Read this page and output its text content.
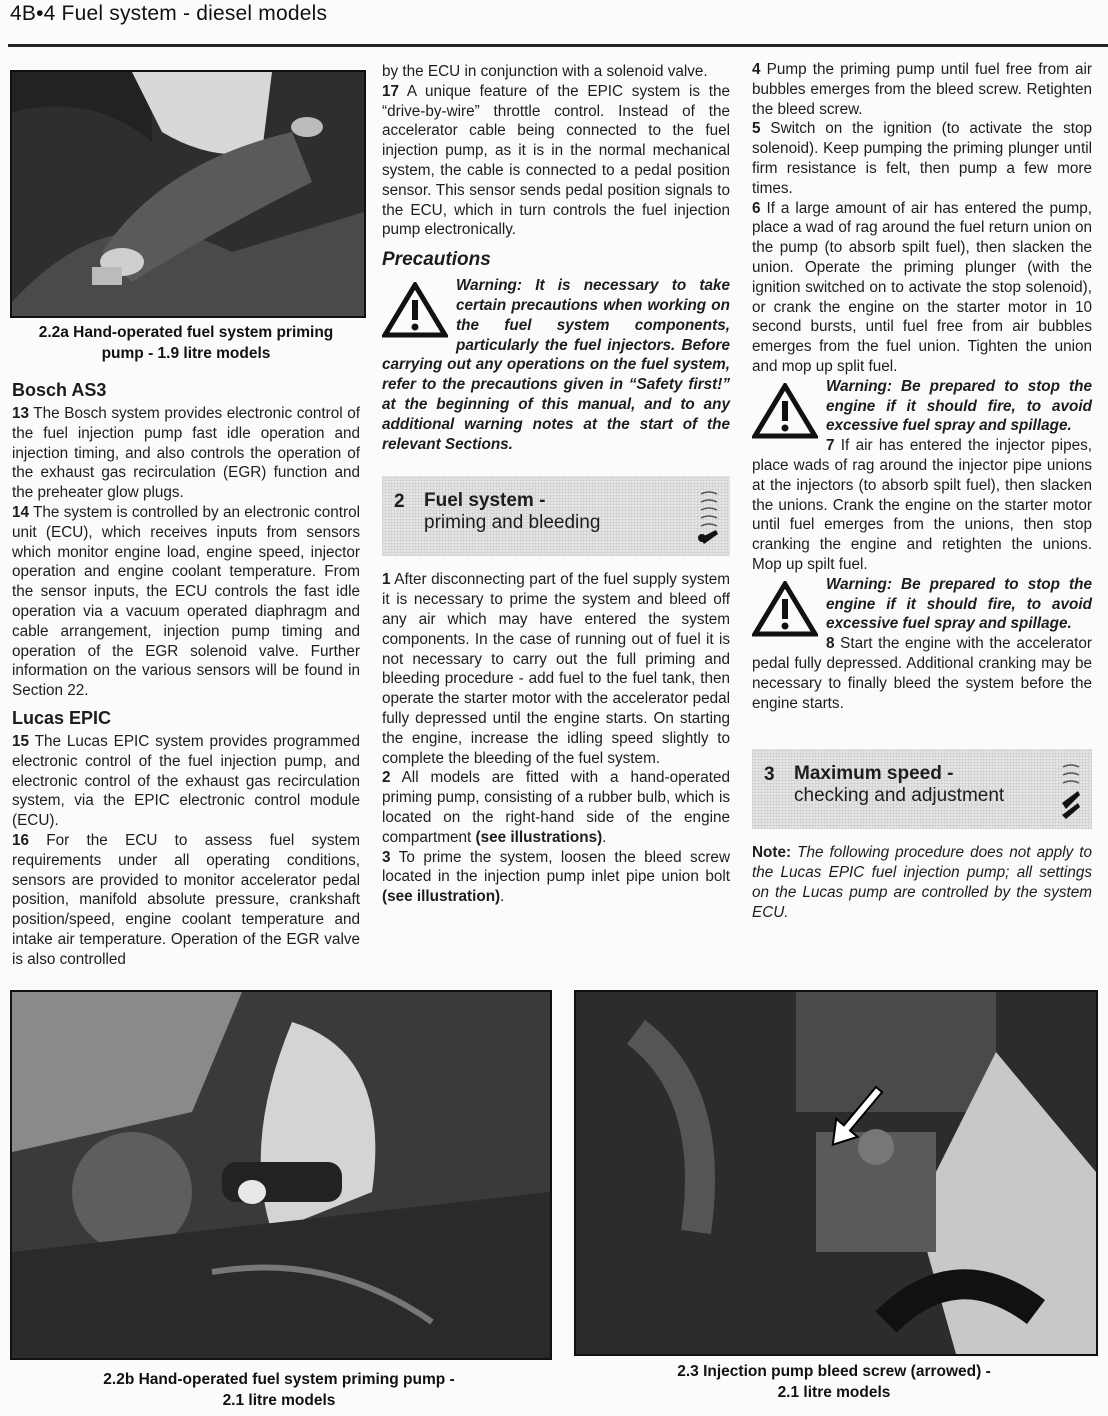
4B•4 Fuel system - diesel models
2.2a Hand-operated fuel system priming
pump - 1.9 litre models
Bosch AS3

13 The Bosch system provides electronic control of the fuel injection pump fast idle operation and injection timing, and also controls the operation of the exhaust gas recirculation (EGR) function and the preheater glow plugs.

14 The system is controlled by an electronic control unit (ECU), which receives inputs from sensors which monitor engine load, engine speed, injector operation and engine coolant temperature. From the sensor inputs, the ECU controls the fast idle operation via a vacuum operated diaphragm and cable arrangement, injection pump timing and operation of the EGR solenoid valve. Further information on the various sensors will be found in Section 22.

Lucas EPIC

15 The Lucas EPIC system provides programmed electronic control of the fuel injection pump, and electronic control of the exhaust gas recirculation system, via the EPIC electronic control module (ECU).

16 For the ECU to assess fuel system requirements under all operating conditions, sensors are provided to monitor accelerator pedal position, manifold absolute pressure, crankshaft position/speed, engine coolant temperature and intake air temperature. Operation of the EGR valve is also controlled

by the ECU in conjunction with a solenoid valve.

17 A unique feature of the EPIC system is the “drive-by-wire” throttle control. Instead of the accelerator cable being connected to the fuel injection pump, as it is in the normal mechanical system, the cable is connected to a pedal position sensor. This sensor sends pedal position signals to the ECU, which in turn controls the fuel injection pump electronically.

Precautions
Warning: It is necessary to take certain precautions when working on the fuel system components, particularly the fuel injectors. Before carrying out any operations on the fuel system, refer to the precautions given in “Safety first!” at the beginning of this manual, and to any additional warning notes at the start of the relevant Sections.
2 Fuel system -
priming and bleeding

1 After disconnecting part of the fuel supply system it is necessary to prime the system and bleed off any air which may have entered the system components. In the case of running out of fuel it is not necessary to carry out the full priming and bleeding procedure - add fuel to the fuel tank, then operate the starter motor with the accelerator pedal fully depressed until the engine starts. On starting the engine, increase the idling speed slightly to complete the bleeding of the fuel system.

2 All models are fitted with a hand-operated priming pump, consisting of a rubber bulb, which is located on the right-hand side of the engine compartment (see illustrations).

3 To prime the system, loosen the bleed screw located in the injection pump inlet pipe union bolt (see illustration).

4 Pump the priming pump until fuel free from air bubbles emerges from the bleed screw. Retighten the bleed screw.

5 Switch on the ignition (to activate the stop solenoid). Keep pumping the priming plunger until firm resistance is felt, then pump a few more times.

6 If a large amount of air has entered the pump, place a wad of rag around the fuel return union on the pump (to absorb spilt fuel), then slacken the union. Operate the priming plunger (with the ignition switched on to activate the stop solenoid), or crank the engine on the starter motor in 10 second bursts, until fuel free from air bubbles emerges from the fuel union. Tighten the union and mop up split fuel.

Warning: Be prepared to stop the engine if it should fire, to avoid excessive fuel spray and spillage.

7 If air has entered the injector pipes, place wads of rag around the injector pipe unions at the injectors (to absorb spilt fuel), then slacken the unions. Crank the engine on the starter motor until fuel emerges from the unions, then stop cranking the engine and retighten the unions. Mop up spilt fuel.

Warning: Be prepared to stop the engine if it should fire, to avoid excessive fuel spray and spillage.

8 Start the engine with the accelerator pedal fully depressed. Additional cranking may be necessary to finally bleed the system before the engine starts.

3 Maximum speed -
checking and adjustment

Note: The following procedure does not apply to the Lucas EPIC fuel injection pump; all settings on the Lucas pump are controlled by the system ECU.

2.2b Hand-operated fuel system priming pump -
2.1 litre models
2.3 Injection pump bleed screw (arrowed) -
2.1 litre models
